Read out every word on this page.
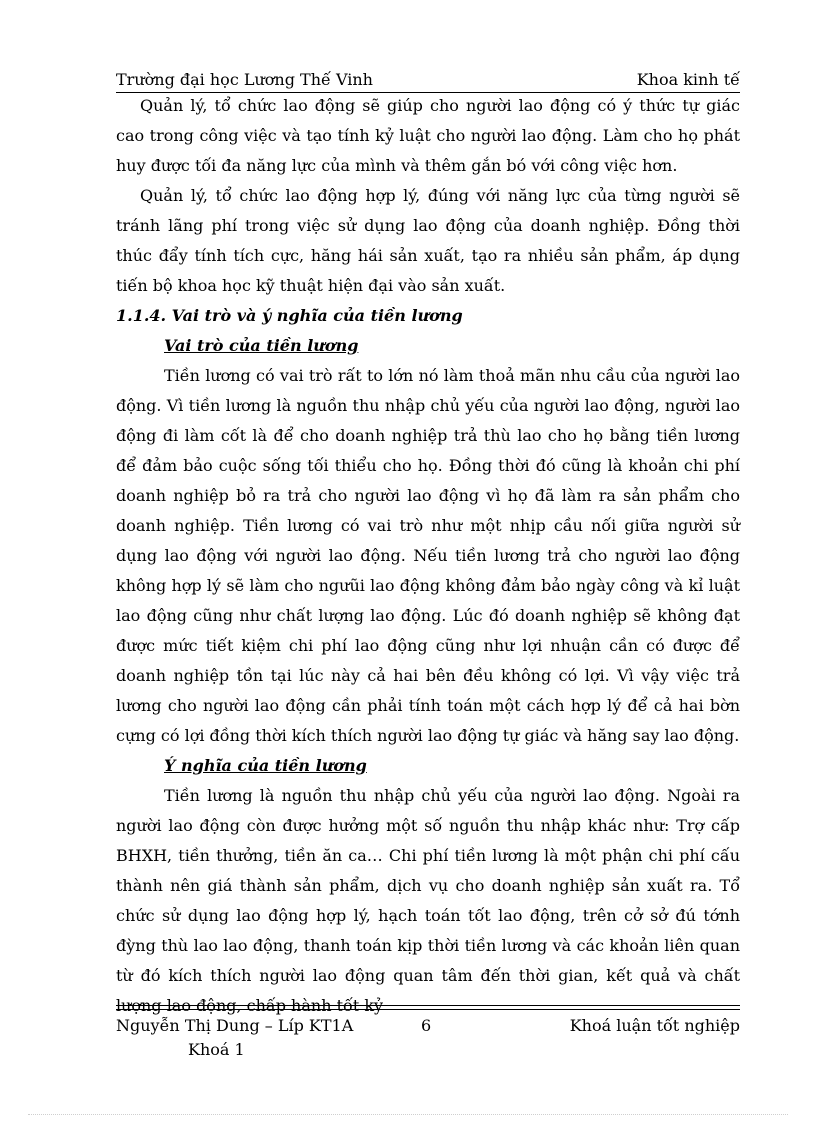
Trường đại học Lương Thế Vinh	Khoa kinh tế

Quản lý, tổ chức lao động sẽ giúp cho người lao động có ý thức tự giác cao trong công việc và tạo tính kỷ luật cho người lao động. Làm cho họ phát huy được tối đa năng lực của mình và thêm gắn bó với công việc hơn.

Quản lý, tổ chức lao động hợp lý, đúng với năng lực của từng người sẽ tránh lãng phí trong việc sử dụng lao động của doanh nghiệp. Đồng thời thúc đẩy tính tích cực, hăng hái sản xuất, tạo ra nhiều sản phẩm, áp dụng tiến bộ khoa học kỹ thuật hiện đại vào sản xuất.

1.1.4. Vai trò và ý nghĩa của tiền lương

Vai trò của tiền lương

Tiền lương có vai trò rất to lớn nó làm thoả mãn nhu cầu của người lao động. Vì tiền lương là nguồn thu nhập chủ yếu của người lao động, người lao động đi làm cốt là để cho doanh nghiệp trả thù lao cho họ bằng tiền lương để đảm bảo cuộc sống tối thiểu cho họ. Đồng thời đó cũng là khoản chi phí doanh nghiệp bỏ ra trả cho người lao động vì họ đã làm ra sản phẩm cho doanh nghiệp. Tiền lương có vai trò như một nhịp cầu nối giữa người sử dụng lao động với người lao động. Nếu tiền lương trả cho người lao động không hợp lý sẽ làm cho ngưũi lao động không đảm bảo ngày công và kỉ luật lao động cũng như chất lượng lao động. Lúc đó doanh nghiệp sẽ không đạt được mức tiết kiệm chi phí lao động cũng như lợi nhuận cần có được để doanh nghiệp tồn tại lúc này cả hai bên đều không có lợi. Vì vậy việc trả lương cho người lao động cần phải tính toán một cách hợp lý để cả hai bờn cựng có lợi đồng thời kích thích người lao động tự giác và hăng say lao động.

Ý nghĩa của tiền lương

Tiền lương là nguồn thu nhập chủ yếu của người lao động. Ngoài ra người lao động còn được hưởng một số nguồn thu nhập khác như: Trợ cấp BHXH, tiền thưởng, tiền ăn ca… Chi phí tiền lương là một phận chi phí cấu thành nên giá thành sản phẩm, dịch vụ cho doanh nghiệp sản xuất ra. Tổ chức sử dụng lao động hợp lý, hạch toán tốt lao động, trên cở sở đú tớnh đỳng thù lao lao động, thanh toán kịp thời tiền lương và các khoản liên quan từ đó kích thích người lao động quan tâm đến thời gian, kết quả và chất lượng lao động, chấp hành tốt kỷ

Nguyễn Thị Dung – Líp KT1A	6	Khoá luận tốt nghiệp
Khoá 1
